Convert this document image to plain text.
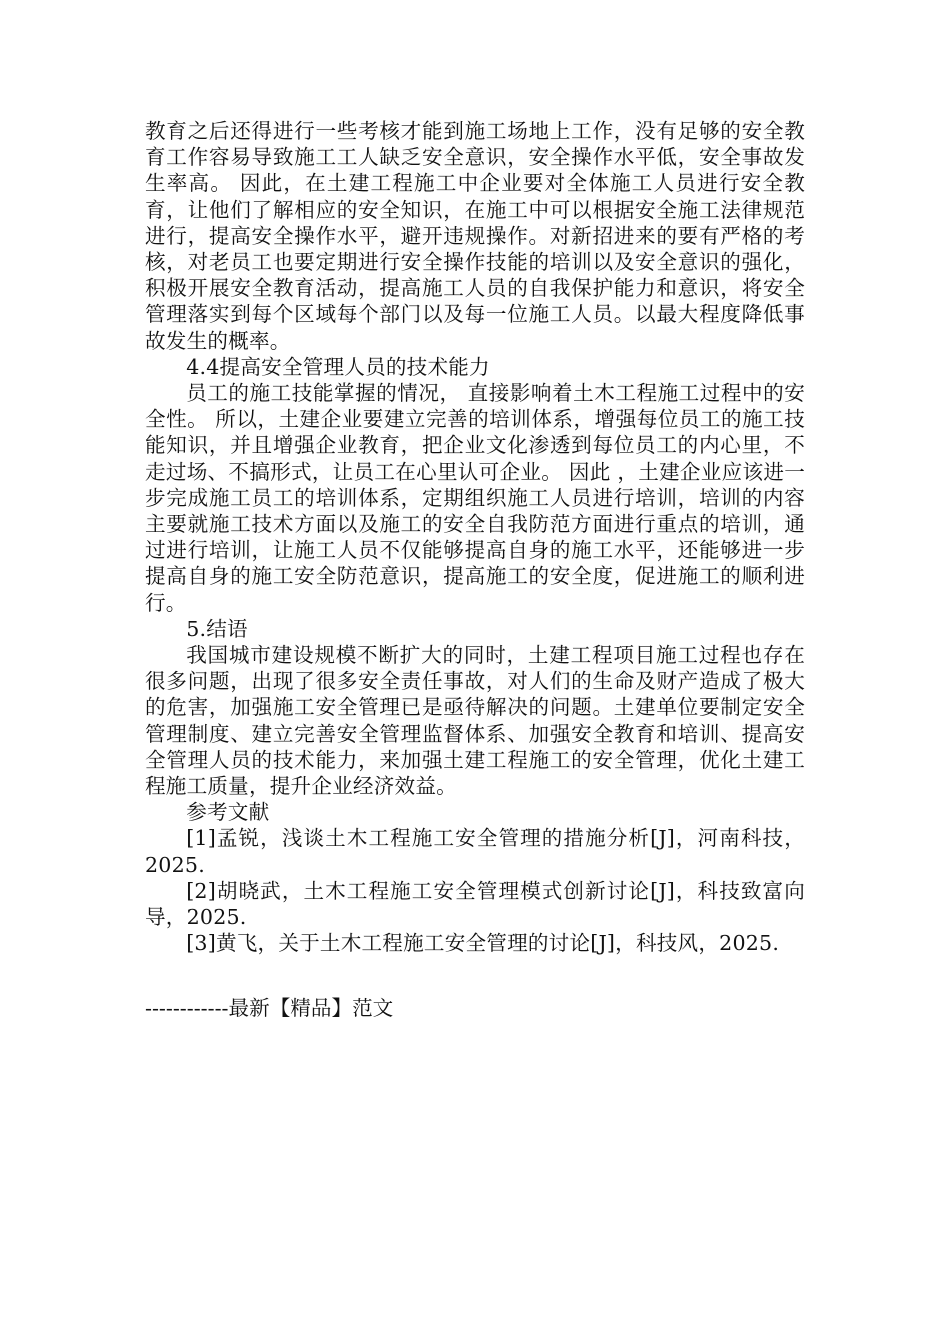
教育之后还得进行一些考核才能到施工场地上工作，没有足够的安全教育工作容易导致施工工人缺乏安全意识，安全操作水平低，安全事故发生率高。 因此，在土建工程施工中企业要对全体施工人员进行安全教育，让他们了解相应的安全知识，在施工中可以根据安全施工法律规范进行，提高安全操作水平，避开违规操作。对新招进来的要有严格的考核，对老员工也要定期进行安全操作技能的培训以及安全意识的强化，积极开展安全教育活动，提高施工人员的自我保护能力和意识，将安全管理落实到每个区域每个部门以及每一位施工人员。以最大程度降低事故发生的概率。

4.4提高安全管理人员的技术能力

员工的施工技能掌握的情况， 直接影响着土木工程施工过程中的安全性。 所以，土建企业要建立完善的培训体系，增强每位员工的施工技能知识，并且增强企业教育，把企业文化渗透到每位员工的内心里，不走过场、不搞形式，让员工在心里认可企业。 因此 ，土建企业应该进一步完成施工员工的培训体系，定期组织施工人员进行培训，培训的内容主要就施工技术方面以及施工的安全自我防范方面进行重点的培训，通过进行培训，让施工人员不仅能够提高自身的施工水平，还能够进一步提高自身的施工安全防范意识，提高施工的安全度，促进施工的顺利进行。

5.结语

我国城市建设规模不断扩大的同时，土建工程项目施工过程也存在很多问题，出现了很多安全责任事故，对人们的生命及财产造成了极大的危害，加强施工安全管理已是亟待解决的问题。土建单位要制定安全管理制度、建立完善安全管理监督体系、加强安全教育和培训、提高安全管理人员的技术能力，来加强土建工程施工的安全管理，优化土建工程施工质量，提升企业经济效益。

参考文献

[1]孟锐，浅谈土木工程施工安全管理的措施分析[J]，河南科技，2025.

[2]胡晓武，土木工程施工安全管理模式创新讨论[J]，科技致富向导，2025.

[3]黄飞，关于土木工程施工安全管理的讨论[J]，科技风，2025.

------------最新【精品】范文
